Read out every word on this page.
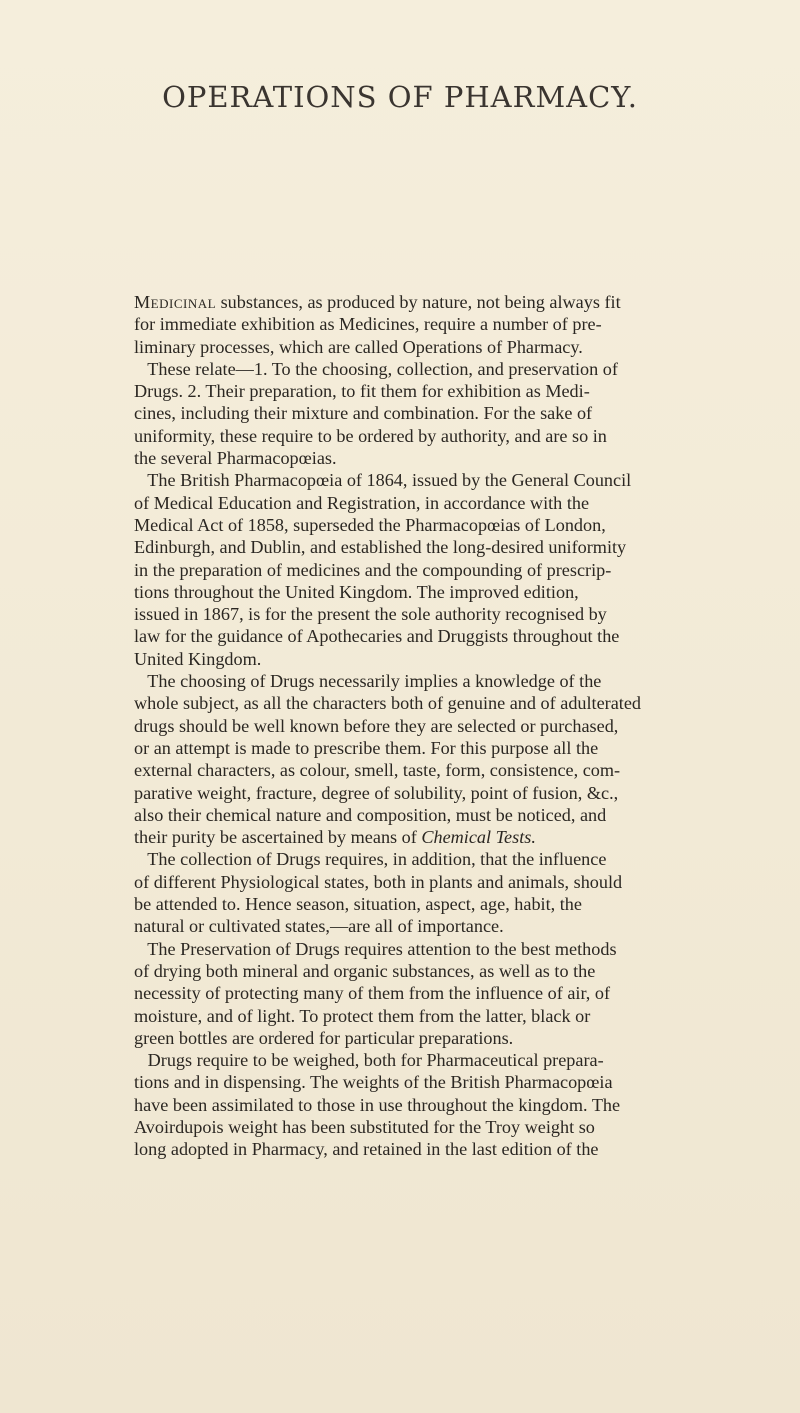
OPERATIONS OF PHARMACY.
Medicinal substances, as produced by nature, not being always fit
for immediate exhibition as Medicines, require a number of pre-
liminary processes, which are called Operations of Pharmacy.
These relate—1. To the choosing, collection, and preservation of
Drugs. 2. Their preparation, to fit them for exhibition as Medi-
cines, including their mixture and combination. For the sake of
uniformity, these require to be ordered by authority, and are so in
the several Pharmacopœias.
The British Pharmacopœia of 1864, issued by the General Council
of Medical Education and Registration, in accordance with the
Medical Act of 1858, superseded the Pharmacopœias of London,
Edinburgh, and Dublin, and established the long-desired uniformity
in the preparation of medicines and the compounding of prescrip-
tions throughout the United Kingdom. The improved edition,
issued in 1867, is for the present the sole authority recognised by
law for the guidance of Apothecaries and Druggists throughout the
United Kingdom.
The choosing of Drugs necessarily implies a knowledge of the
whole subject, as all the characters both of genuine and of adulterated
drugs should be well known before they are selected or purchased,
or an attempt is made to prescribe them. For this purpose all the
external characters, as colour, smell, taste, form, consistence, com-
parative weight, fracture, degree of solubility, point of fusion, &c.,
also their chemical nature and composition, must be noticed, and
their purity be ascertained by means of Chemical Tests.
The collection of Drugs requires, in addition, that the influence
of different Physiological states, both in plants and animals, should
be attended to. Hence season, situation, aspect, age, habit, the
natural or cultivated states,—are all of importance.
The Preservation of Drugs requires attention to the best methods
of drying both mineral and organic substances, as well as to the
necessity of protecting many of them from the influence of air, of
moisture, and of light. To protect them from the latter, black or
green bottles are ordered for particular preparations.
Drugs require to be weighed, both for Pharmaceutical prepara-
tions and in dispensing. The weights of the British Pharmacopœia
have been assimilated to those in use throughout the kingdom. The
Avoirdupois weight has been substituted for the Troy weight so
long adopted in Pharmacy, and retained in the last edition of the
